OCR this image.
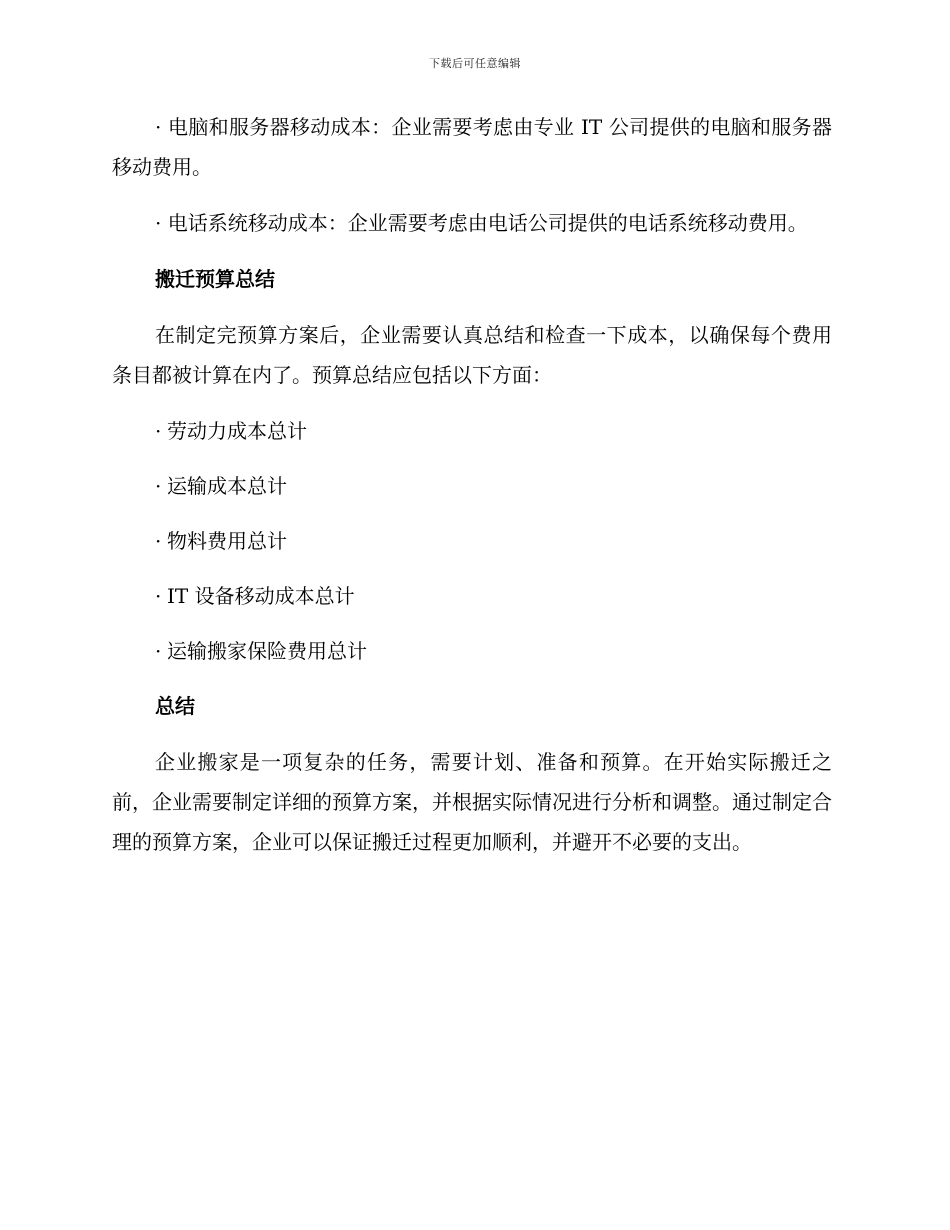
下载后可任意编辑

· 电脑和服务器移动成本：企业需要考虑由专业 IT 公司提供的电脑和服务器移动费用。

· 电话系统移动成本：企业需要考虑由电话公司提供的电话系统移动费用。

搬迁预算总结

在制定完预算方案后，企业需要认真总结和检查一下成本，以确保每个费用条目都被计算在内了。预算总结应包括以下方面：

· 劳动力成本总计
· 运输成本总计
· 物料费用总计
· IT 设备移动成本总计
· 运输搬家保险费用总计
总结

企业搬家是一项复杂的任务，需要计划、准备和预算。在开始实际搬迁之前，企业需要制定详细的预算方案，并根据实际情况进行分析和调整。通过制定合理的预算方案，企业可以保证搬迁过程更加顺利，并避开不必要的支出。
